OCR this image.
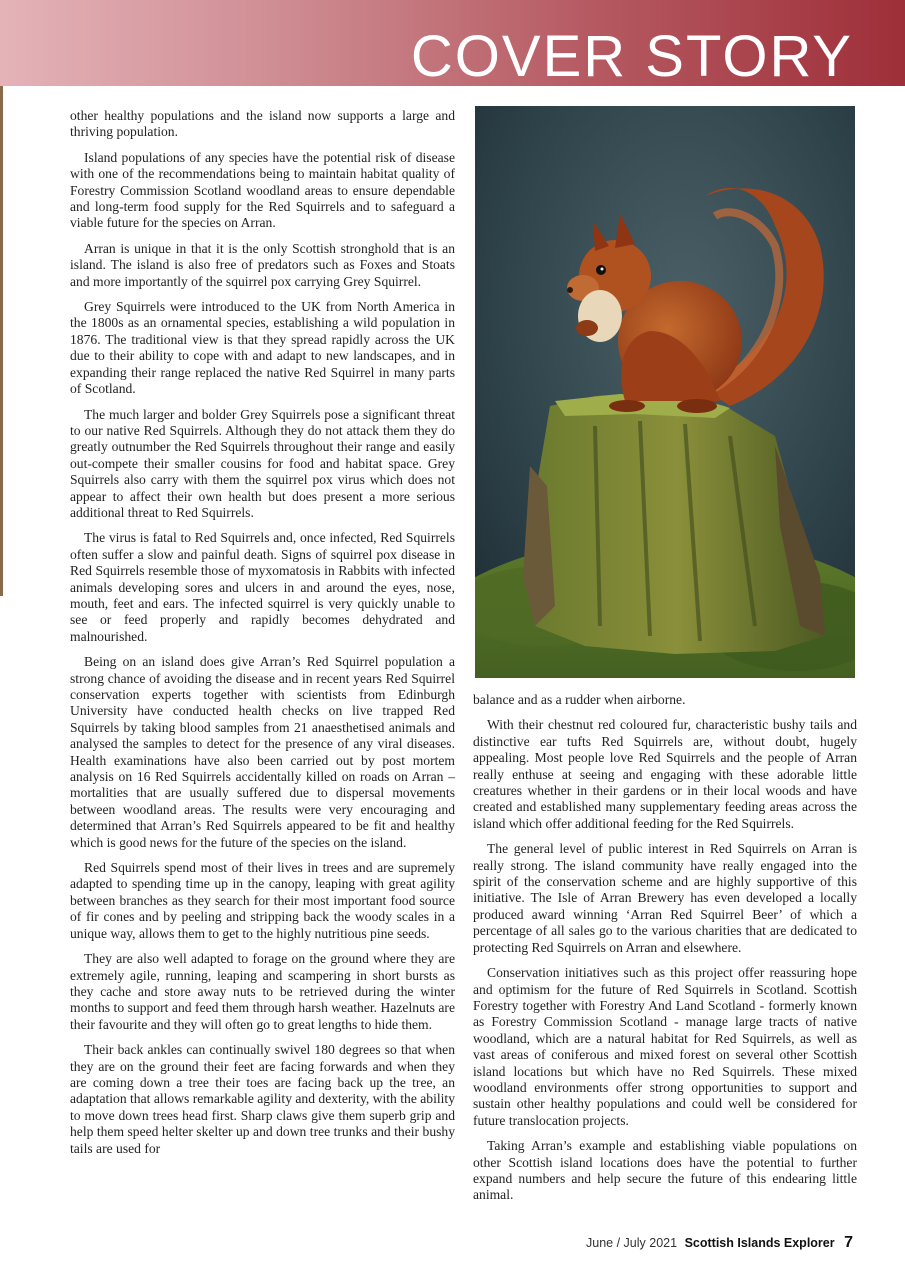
COVER STORY

other healthy populations and the island now supports a large and thriving population.

Island populations of any species have the potential risk of disease with one of the recommendations being to maintain habitat quality of Forestry Commission Scotland woodland areas to ensure dependable and long-term food supply for the Red Squirrels and to safeguard a viable future for the species on Arran.

Arran is unique in that it is the only Scottish stronghold that is an island. The island is also free of predators such as Foxes and Stoats and more importantly of the squirrel pox carrying Grey Squirrel.

Grey Squirrels were introduced to the UK from North America in the 1800s as an ornamental species, establishing a wild population in 1876. The traditional view is that they spread rapidly across the UK due to their ability to cope with and adapt to new landscapes, and in expanding their range replaced the native Red Squirrel in many parts of Scotland.

The much larger and bolder Grey Squirrels pose a significant threat to our native Red Squirrels. Although they do not attack them they do greatly outnumber the Red Squirrels throughout their range and easily out-compete their smaller cousins for food and habitat space. Grey Squirrels also carry with them the squirrel pox virus which does not appear to affect their own health but does present a more serious additional threat to Red Squirrels.

The virus is fatal to Red Squirrels and, once infected, Red Squirrels often suffer a slow and painful death. Signs of squirrel pox disease in Red Squirrels resemble those of myxomatosis in Rabbits with infected animals developing sores and ulcers in and around the eyes, nose, mouth, feet and ears. The infected squirrel is very quickly unable to see or feed properly and rapidly becomes dehydrated and malnourished.

Being on an island does give Arran’s Red Squirrel population a strong chance of avoiding the disease and in recent years Red Squirrel conservation experts together with scientists from Edinburgh University have conducted health checks on live trapped Red Squirrels by taking blood samples from 21 anaesthetised animals and analysed the samples to detect for the presence of any viral diseases. Health examinations have also been carried out by post mortem analysis on 16 Red Squirrels accidentally killed on roads on Arran – mortalities that are usually suffered due to dispersal movements between woodland areas. The results were very encouraging and determined that Arran’s Red Squirrels appeared to be fit and healthy which is good news for the future of the species on the island.

Red Squirrels spend most of their lives in trees and are supremely adapted to spending time up in the canopy, leaping with great agility between branches as they search for their most important food source of fir cones and by peeling and stripping back the woody scales in a unique way, allows them to get to the highly nutritious pine seeds.

They are also well adapted to forage on the ground where they are extremely agile, running, leaping and scampering in short bursts as they cache and store away nuts to be retrieved during the winter months to support and feed them through harsh weather. Hazelnuts are their favourite and they will often go to great lengths to hide them.

Their back ankles can continually swivel 180 degrees so that when they are on the ground their feet are facing forwards and when they are coming down a tree their toes are facing back up the tree, an adaptation that allows remarkable agility and dexterity, with the ability to move down trees head first. Sharp claws give them superb grip and help them speed helter skelter up and down tree trunks and their bushy tails are used for

balance and as a rudder when airborne.

With their chestnut red coloured fur, characteristic bushy tails and distinctive ear tufts Red Squirrels are, without doubt, hugely appealing. Most people love Red Squirrels and the people of Arran really enthuse at seeing and engaging with these adorable little creatures whether in their gardens or in their local woods and have created and established many supplementary feeding areas across the island which offer additional feeding for the Red Squirrels.

The general level of public interest in Red Squirrels on Arran is really strong. The island community have really engaged into the spirit of the conservation scheme and are highly supportive of this initiative. The Isle of Arran Brewery has even developed a locally produced award winning ‘Arran Red Squirrel Beer’ of which a percentage of all sales go to the various charities that are dedicated to protecting Red Squirrels on Arran and elsewhere.

Conservation initiatives such as this project offer reassuring hope and optimism for the future of Red Squirrels in Scotland. Scottish Forestry together with Forestry And Land Scotland - formerly known as Forestry Commission Scotland - manage large tracts of native woodland, which are a natural habitat for Red Squirrels, as well as vast areas of coniferous and mixed forest on several other Scottish island locations but which have no Red Squirrels. These mixed woodland environments offer strong opportunities to support and sustain other healthy populations and could well be considered for future translocation projects.

Taking Arran’s example and establishing viable populations on other Scottish island locations does have the potential to further expand numbers and help secure the future of this endearing little animal.

June / July 2021 Scottish Islands Explorer 7
